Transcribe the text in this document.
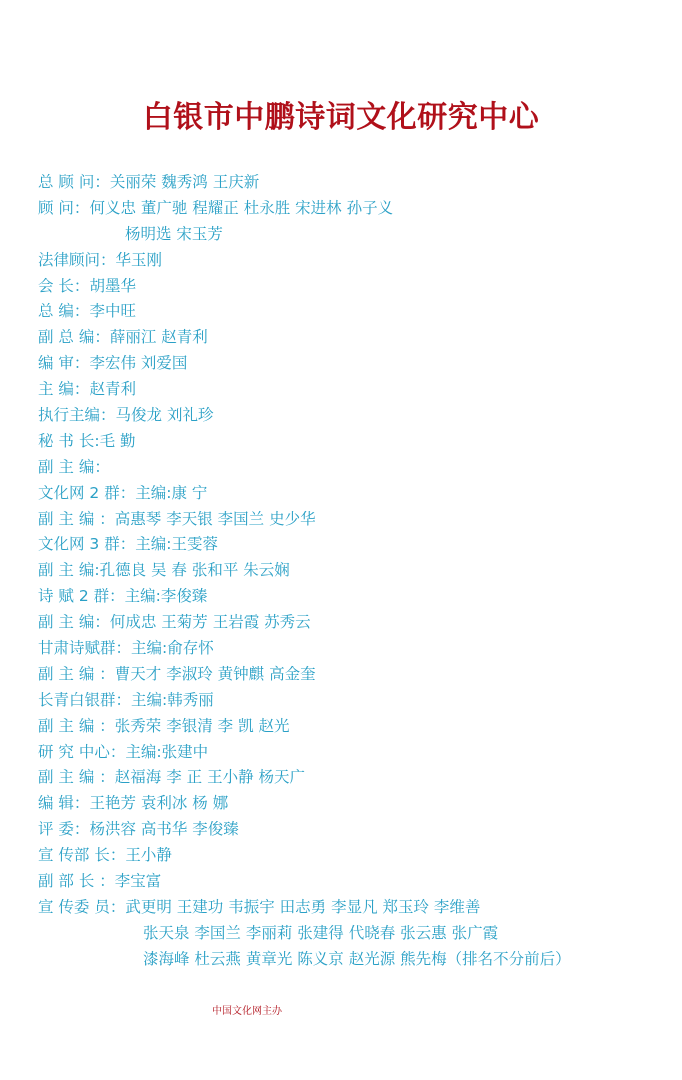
白银市中鹏诗词文化研究中心
总 顾 问：关丽荣 魏秀鸿 王庆新
顾 问：何义忠 董广驰 程耀正 杜永胜 宋进林 孙子义
杨明选 宋玉芳
法律顾问：华玉刚
会 长：胡墨华
总 编：李中旺
副 总 编：薛丽江 赵青利
编 审：李宏伟 刘爱国
主 编：赵青利
执行主编：马俊龙 刘礼珍
秘 书 长:毛 勤
副 主 编：
文化网 2 群：主编:康 宁
副 主 编 ：高惠琴 李天银 李国兰 史少华
文化网 3 群：主编:王雯蓉
副 主 编:孔德良 吴 春 张和平 朱云娴
诗 赋 2 群：主编:李俊臻
副 主 编：何成忠 王菊芳 王岩霞 苏秀云
甘肃诗赋群：主编:俞存怀
副 主 编 ：曹天才 李淑玲 黄钟麒 高金奎
长青白银群：主编:韩秀丽
副 主 编 ：张秀荣 李银清 李 凯 赵光
研 究 中心：主编:张建中
副 主 编 ：赵福海 李 正 王小静 杨天广
编 辑：王艳芳 袁利冰 杨 娜
评 委：杨洪容 高书华 李俊臻
宣 传部 长：王小静
副 部 长 ：李宝富
宣 传委 员：武更明 王建功 韦振宇 田志勇 李显凡 郑玉玲 李维善
张天泉 李国兰 李丽莉 张建得 代晓春 张云惠 张广霞
漆海峰 杜云燕 黄章光 陈义京 赵光源 熊先梅（排名不分前后）
中国文化网主办
